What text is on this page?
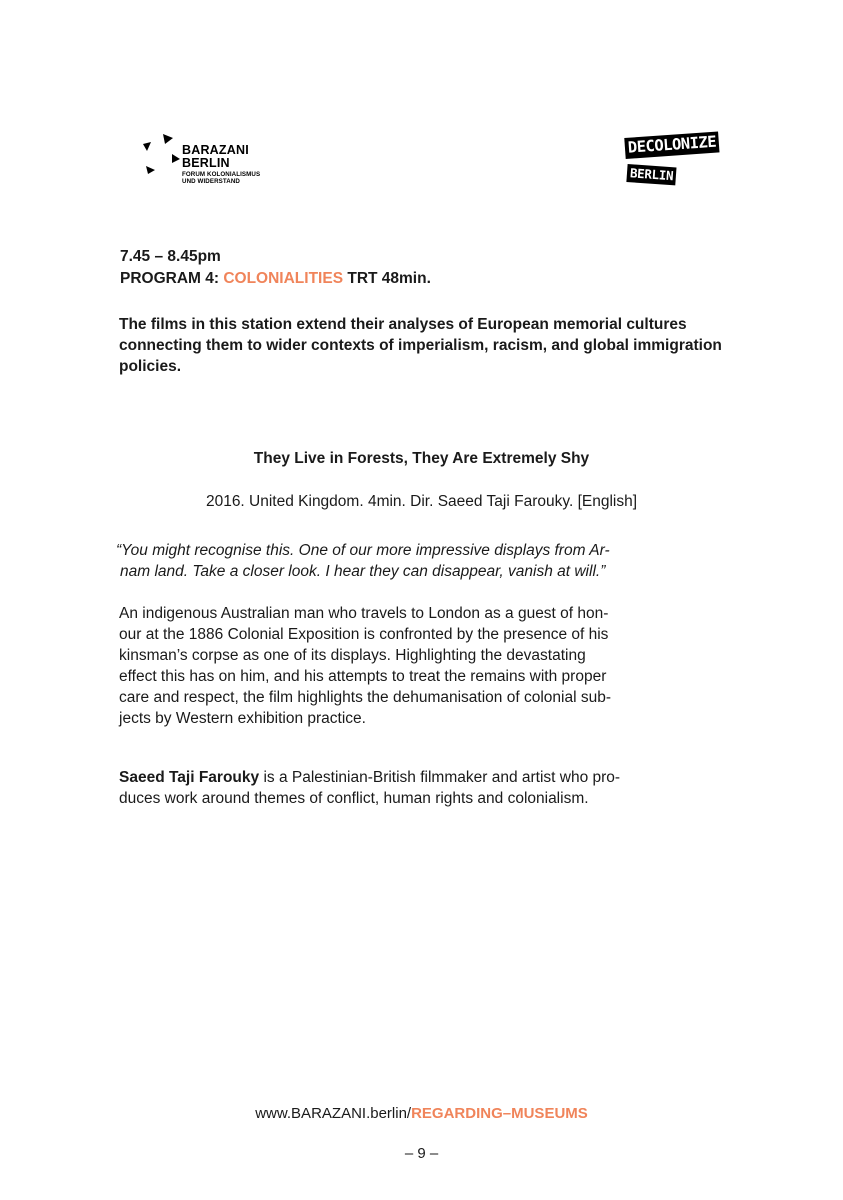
BARAZANI
BERLIN
FORUM KOLONIALISMUS
UND WIDERSTAND
DECOLONIZE
BERLIN
7.45 – 8.45pm
PROGRAM 4: COLONIALITIES TRT 48min.
The films in this station extend their analyses of European memorial cultures connecting them to wider contexts of imperialism, racism, and global immigration policies.
They Live in Forests, They Are Extremely Shy
2016. United Kingdom. 4min. Dir. Saeed Taji Farouky. [English]
“You might recognise this. One of our more impressive displays from Ar-
nam land. Take a closer look. I hear they can disappear, vanish at will.”
An indigenous Australian man who travels to London as a guest of hon-
our at the 1886 Colonial Exposition is confronted by the presence of his
kinsman’s corpse as one of its displays. Highlighting the devastating
effect this has on him, and his attempts to treat the remains with proper
care and respect, the film highlights the dehumanisation of colonial sub-
jects by Western exhibition practice.
Saeed Taji Farouky is a Palestinian-British filmmaker and artist who pro-
duces work around themes of conflict, human rights and colonialism.
www.BARAZANI.berlin/REGARDING–MUSEUMS
– 9 –
